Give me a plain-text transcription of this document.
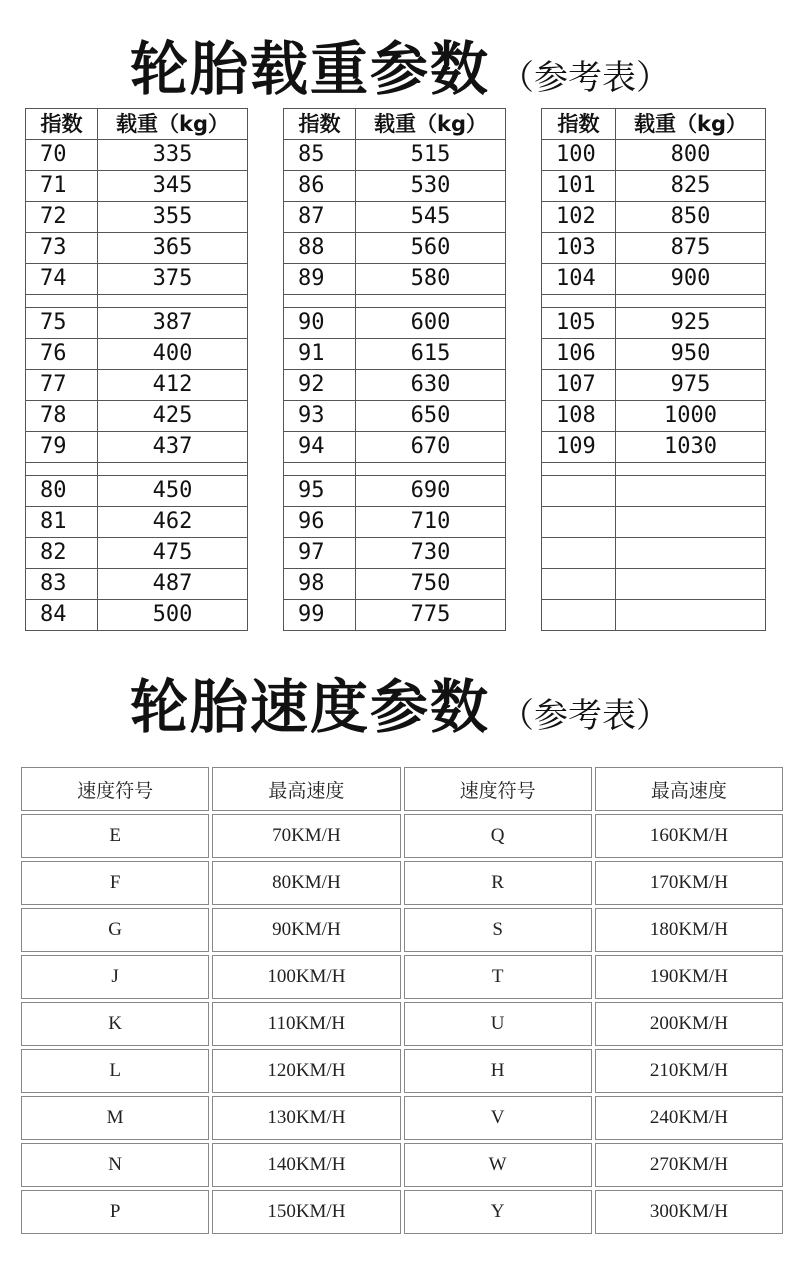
轮胎载重参数 （参考表）
指数	载重（kg）		指数	载重（kg）		指数	载重（kg）
70	335		85	515		100	800
71	345		86	530		101	825
72	355		87	545		102	850
73	365		88	560		103	875
74	375		89	580		104	900

75	387		90	600		105	925
76	400		91	615		106	950
77	412		92	630		107	975
78	425		93	650		108	1000
79	437		94	670		109	1030

80	450		95	690			
81	462		96	710			
82	475		97	730			
83	487		98	750			
84	500		99	775			
轮胎速度参数 （参考表）
速度符号	最高速度	速度符号	最高速度
E	70KM/H	Q	160KM/H
F	80KM/H	R	170KM/H
G	90KM/H	S	180KM/H
J	100KM/H	T	190KM/H
K	110KM/H	U	200KM/H
L	120KM/H	H	210KM/H
M	130KM/H	V	240KM/H
N	140KM/H	W	270KM/H
P	150KM/H	Y	300KM/H
